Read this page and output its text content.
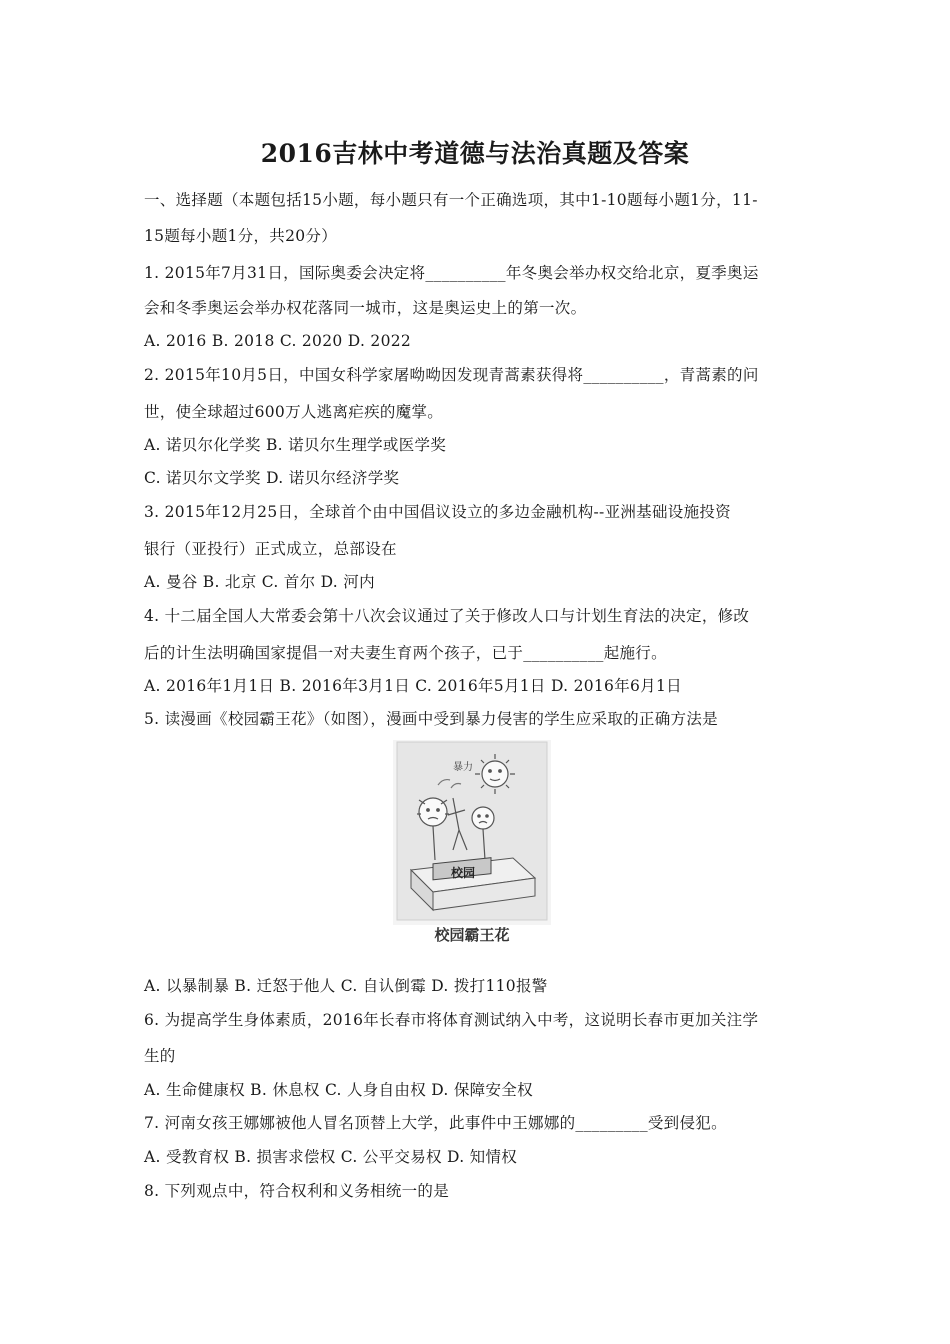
2016吉林中考道德与法治真题及答案
一、选择题（本题包括15小题，每小题只有一个正确选项，其中1-10题每小题1分，11-
15题每小题1分，共20分）
1. 2015年7月31日，国际奥委会决定将__________年冬奥会举办权交给北京，夏季奥运
会和冬季奥运会举办权花落同一城市，这是奥运史上的第一次。
A. 2016 B. 2018 C. 2020 D. 2022
2. 2015年10月5日，中国女科学家屠呦呦因发现青蒿素获得将__________，青蒿素的问
世，使全球超过600万人逃离疟疾的魔掌。
A. 诺贝尔化学奖 B. 诺贝尔生理学或医学奖
C. 诺贝尔文学奖 D. 诺贝尔经济学奖
3. 2015年12月25日，全球首个由中国倡议设立的多边金融机构--亚洲基础设施投资
银行（亚投行）正式成立，总部设在
A. 曼谷 B. 北京 C. 首尔 D. 河内
4. 十二届全国人大常委会第十八次会议通过了关于修改人口与计划生育法的决定，修改
后的计生法明确国家提倡一对夫妻生育两个孩子，已于__________起施行。
A. 2016年1月1日 B. 2016年3月1日 C. 2016年5月1日 D. 2016年6月1日
5. 读漫画《校园霸王花》（如图），漫画中受到暴力侵害的学生应采取的正确方法是
校园
暴力
校园霸王花
A. 以暴制暴 B. 迁怒于他人 C. 自认倒霉 D. 拨打110报警
6. 为提高学生身体素质，2016年长春市将体育测试纳入中考，这说明长春市更加关注学
生的
A. 生命健康权 B. 休息权 C. 人身自由权 D. 保障安全权
7. 河南女孩王娜娜被他人冒名顶替上大学，此事件中王娜娜的_________受到侵犯。
A. 受教育权 B. 损害求偿权 C. 公平交易权 D. 知情权
8. 下列观点中，符合权利和义务相统一的是
